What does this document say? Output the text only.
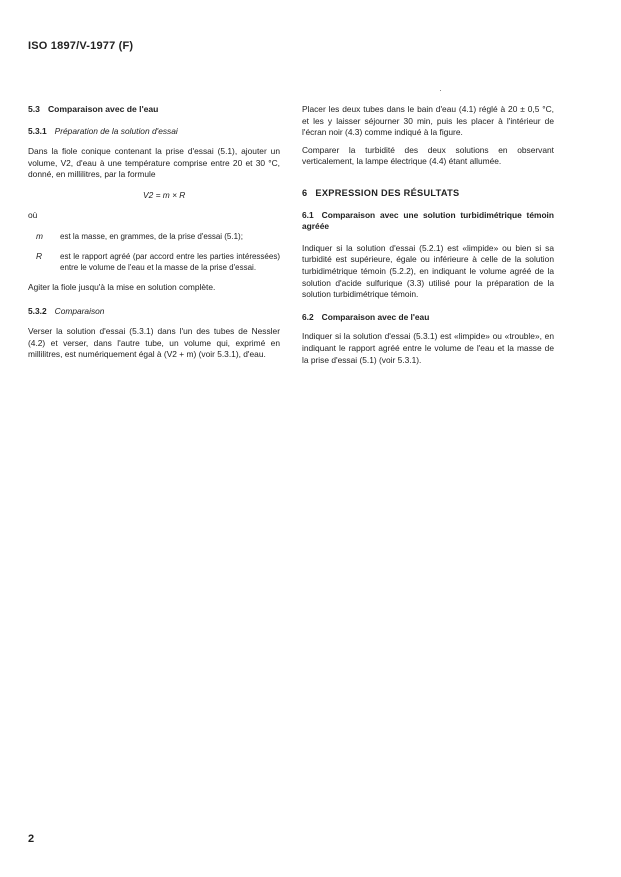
ISO 1897/V-1977 (F)
5.3 Comparaison avec de l'eau
5.3.1 Préparation de la solution d'essai

Dans la fiole conique contenant la prise d'essai (5.1), ajouter un volume, V2, d'eau à une température comprise entre 20 et 30 °C, donné, en millilitres, par la formule

V2 = m × R

où

m	est la masse, en grammes, de la prise d'essai (5.1);
R	est le rapport agréé (par accord entre les parties intéressées) entre le volume de l'eau et la masse de la prise d'essai.

Agiter la fiole jusqu'à la mise en solution complète.

5.3.2 Comparaison

Verser la solution d'essai (5.3.1) dans l'un des tubes de Nessler (4.2) et verser, dans l'autre tube, un volume qui, exprimé en millilitres, est numériquement égal à (V2 + m) (voir 5.3.1), d'eau.

Placer les deux tubes dans le bain d'eau (4.1) réglé à 20 ± 0,5 °C, et les y laisser séjourner 30 min, puis les placer à l'intérieur de l'écran noir (4.3) comme indiqué à la figure.

Comparer la turbidité des deux solutions en observant verticalement, la lampe électrique (4.4) étant allumée.

6 EXPRESSION DES RÉSULTATS
6.1 Comparaison avec une solution turbidimétrique témoin agréée

Indiquer si la solution d'essai (5.2.1) est «limpide» ou bien si sa turbidité est supérieure, égale ou inférieure à celle de la solution turbidimétrique témoin (5.2.2), en indiquant le volume agréé de la solution d'acide sulfurique (3.3) utilisé pour la préparation de la solution turbidimétrique témoin.

6.2 Comparaison avec de l'eau

Indiquer si la solution d'essai (5.3.1) est «limpide» ou «trouble», en indiquant le rapport agréé entre le volume de l'eau et la masse de la prise d'essai (5.1) (voir 5.3.1).

2
